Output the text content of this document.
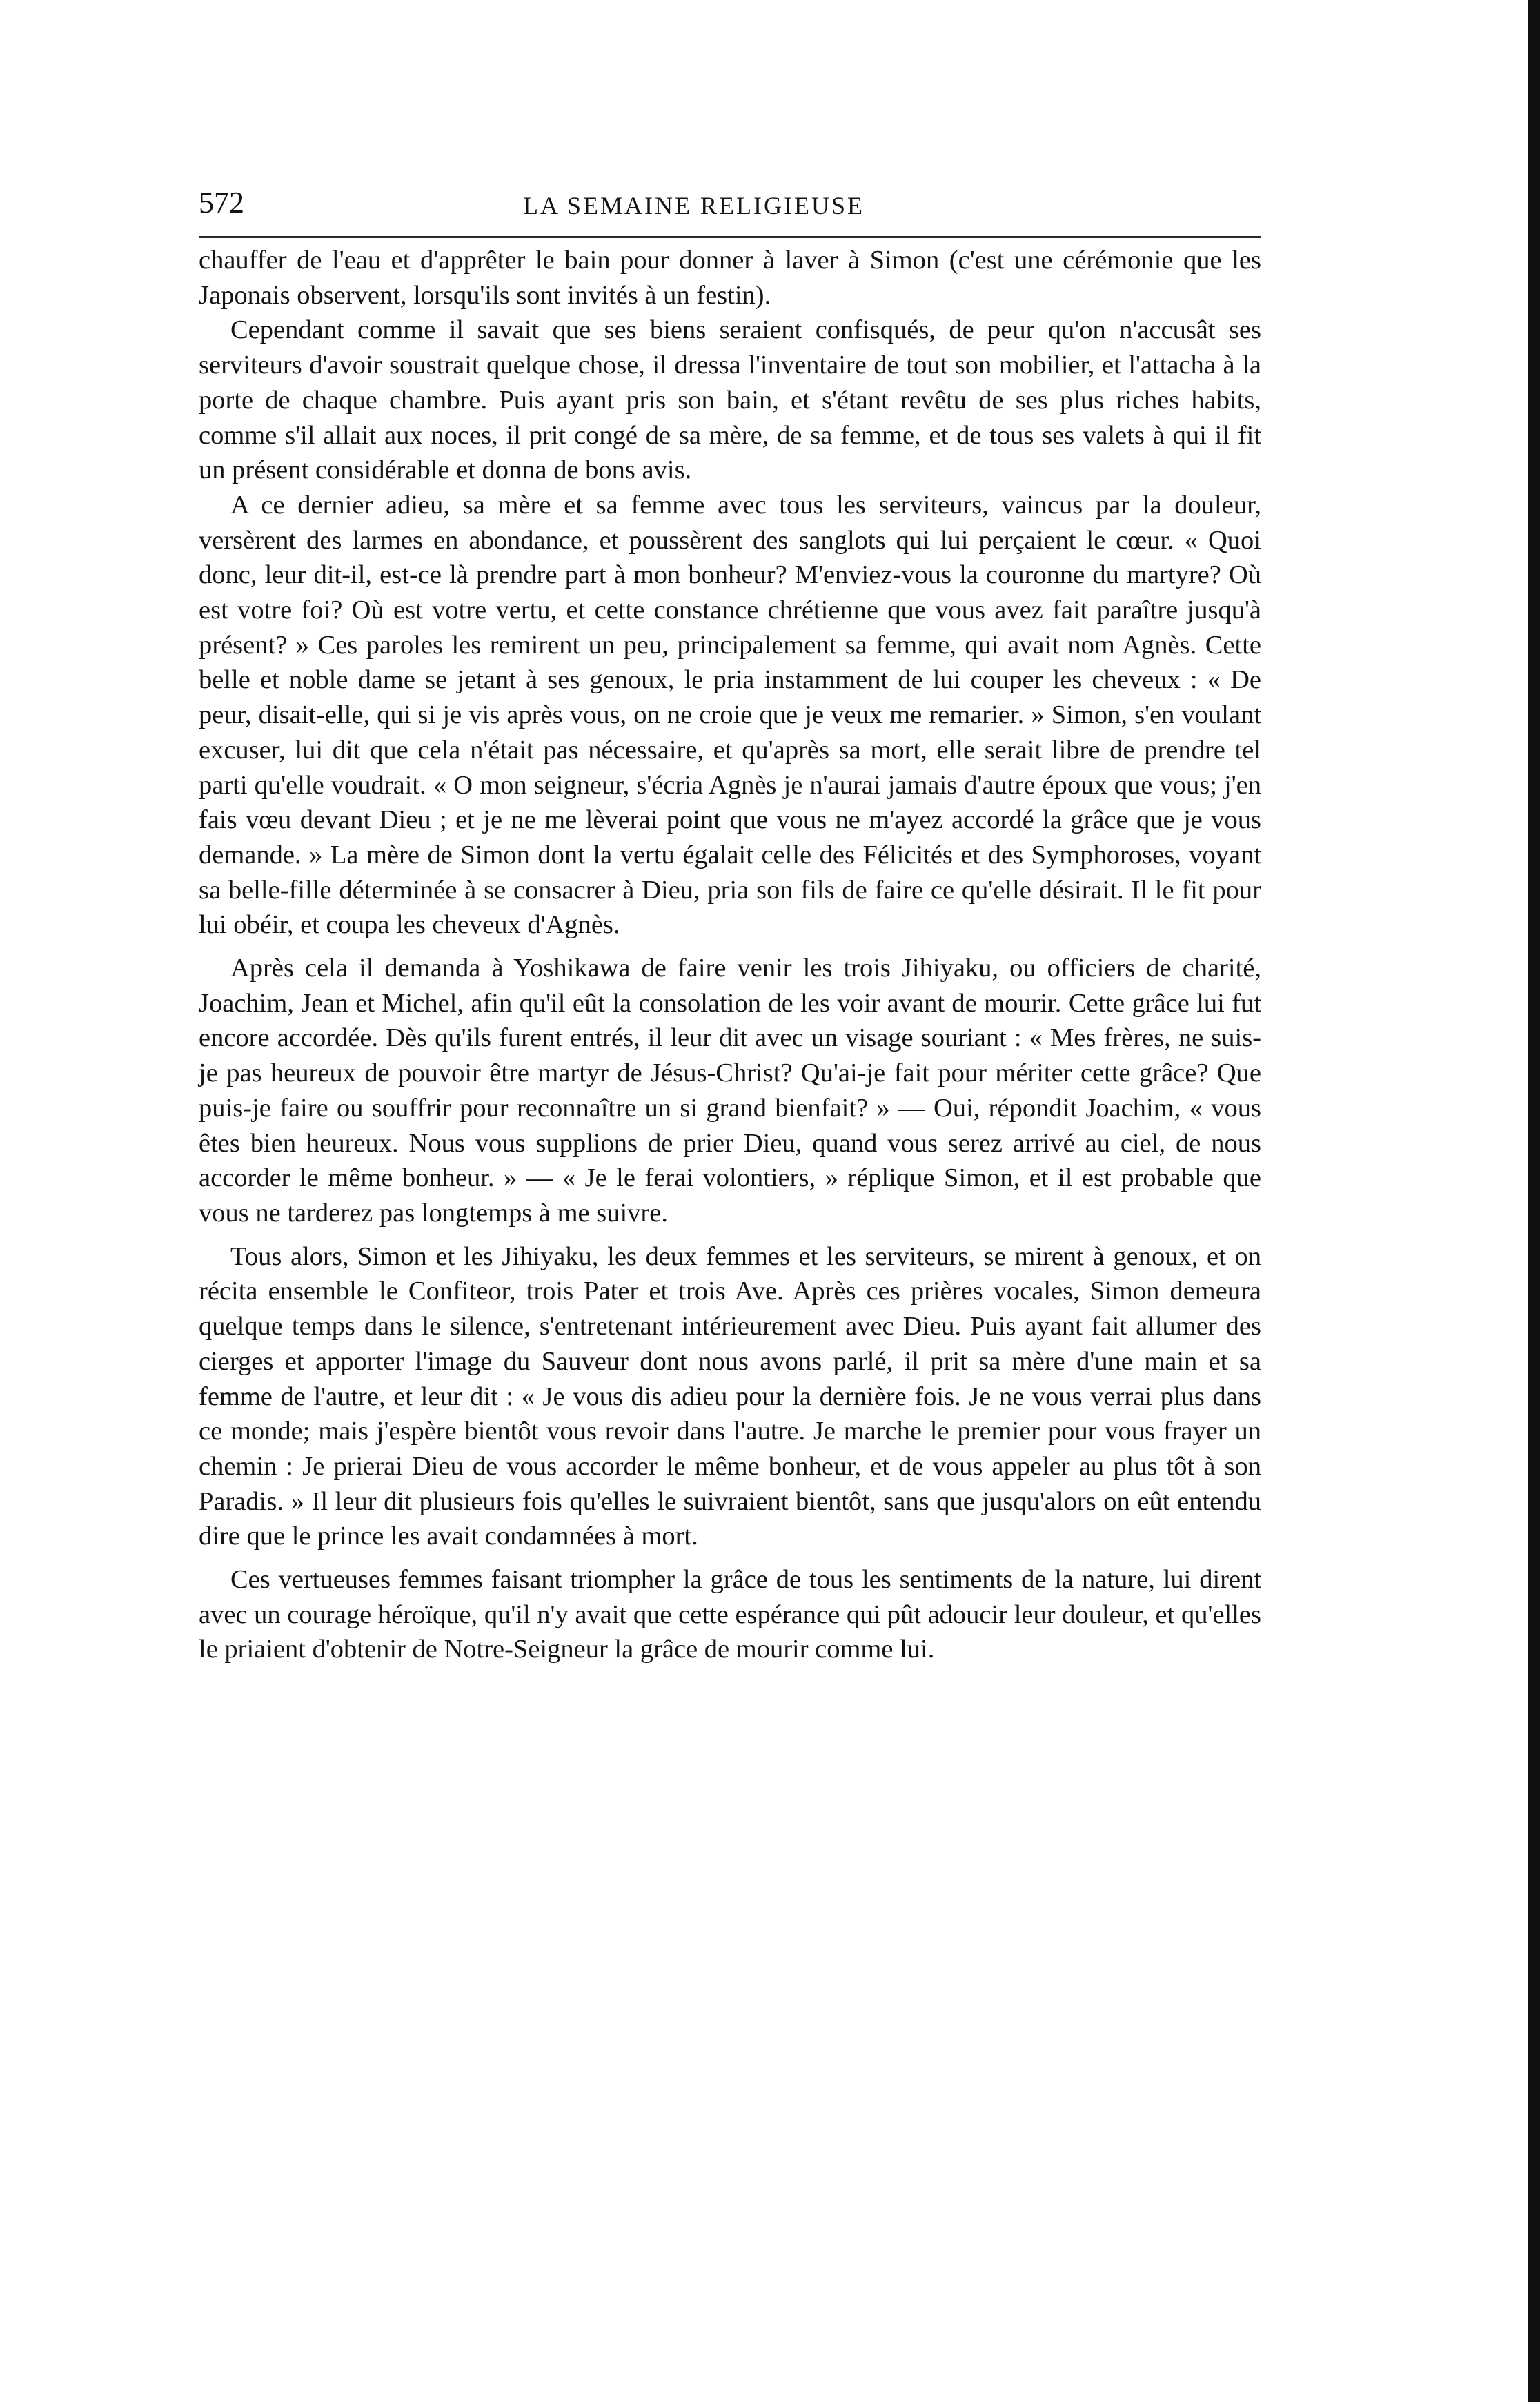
572	LA SEMAINE RELIGIEUSE

chauffer de l'eau et d'apprêter le bain pour donner à laver à Simon (c'est une cérémonie que les Japonais observent, lorsqu'ils sont invités à un festin).

Cependant comme il savait que ses biens seraient confisqués, de peur qu'on n'accusât ses serviteurs d'avoir soustrait quelque chose, il dressa l'inventaire de tout son mobilier, et l'attacha à la porte de chaque chambre. Puis ayant pris son bain, et s'étant revêtu de ses plus riches habits, comme s'il allait aux noces, il prit congé de sa mère, de sa femme, et de tous ses valets à qui il fit un présent considérable et donna de bons avis.

A ce dernier adieu, sa mère et sa femme avec tous les serviteurs, vaincus par la douleur, versèrent des larmes en abondance, et poussèrent des sanglots qui lui perçaient le cœur. « Quoi donc, leur dit-il, est-ce là prendre part à mon bonheur? M'enviez-vous la couronne du martyre? Où est votre foi? Où est votre vertu, et cette constance chrétienne que vous avez fait paraître jusqu'à présent? » Ces paroles les remirent un peu, principalement sa femme, qui avait nom Agnès. Cette belle et noble dame se jetant à ses genoux, le pria instamment de lui couper les cheveux : « De peur, disait-elle, qui si je vis après vous, on ne croie que je veux me remarier. » Simon, s'en voulant excuser, lui dit que cela n'était pas nécessaire, et qu'après sa mort, elle serait libre de prendre tel parti qu'elle voudrait. « O mon seigneur, s'écria Agnès je n'aurai jamais d'autre époux que vous; j'en fais vœu devant Dieu ; et je ne me lèverai point que vous ne m'ayez accordé la grâce que je vous demande. » La mère de Simon dont la vertu égalait celle des Félicités et des Symphoroses, voyant sa belle-fille déterminée à se consacrer à Dieu, pria son fils de faire ce qu'elle désirait. Il le fit pour lui obéir, et coupa les cheveux d'Agnès.

Après cela il demanda à Yoshikawa de faire venir les trois Jihiyaku, ou officiers de charité, Joachim, Jean et Michel, afin qu'il eût la consolation de les voir avant de mourir. Cette grâce lui fut encore accordée. Dès qu'ils furent entrés, il leur dit avec un visage souriant : « Mes frères, ne suis-je pas heureux de pouvoir être martyr de Jésus-Christ? Qu'ai-je fait pour mériter cette grâce? Que puis-je faire ou souffrir pour reconnaître un si grand bienfait? » — Oui, répondit Joachim, « vous êtes bien heureux. Nous vous supplions de prier Dieu, quand vous serez arrivé au ciel, de nous accorder le même bonheur. » — « Je le ferai volontiers, » réplique Simon, et il est probable que vous ne tarderez pas longtemps à me suivre.

Tous alors, Simon et les Jihiyaku, les deux femmes et les serviteurs, se mirent à genoux, et on récita ensemble le Confiteor, trois Pater et trois Ave. Après ces prières vocales, Simon demeura quelque temps dans le silence, s'entretenant intérieurement avec Dieu. Puis ayant fait allumer des cierges et apporter l'image du Sauveur dont nous avons parlé, il prit sa mère d'une main et sa femme de l'autre, et leur dit : « Je vous dis adieu pour la dernière fois. Je ne vous verrai plus dans ce monde; mais j'espère bientôt vous revoir dans l'autre. Je marche le premier pour vous frayer un chemin : Je prierai Dieu de vous accorder le même bonheur, et de vous appeler au plus tôt à son Paradis. » Il leur dit plusieurs fois qu'elles le suivraient bientôt, sans que jusqu'alors on eût entendu dire que le prince les avait condamnées à mort.

Ces vertueuses femmes faisant triompher la grâce de tous les sentiments de la nature, lui dirent avec un courage héroïque, qu'il n'y avait que cette espérance qui pût adoucir leur douleur, et qu'elles le priaient d'obtenir de Notre-Seigneur la grâce de mourir comme lui.
